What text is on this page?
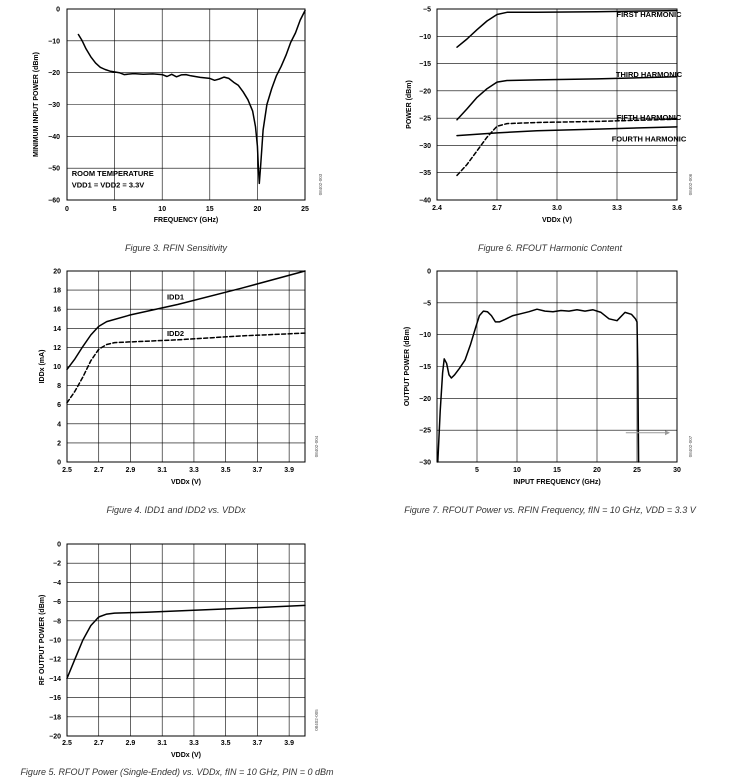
0
−10
−20
−30
−40
−50
−60
0	5	10	15	20	25
FREQUENCY (GHz)
MINIMUM INPUT POWER (dBm)
ROOM TEMPERATURE
VDD1 = VDD2 = 3.3V	08402-003
Figure 3. RFIN Sensitivity
−5
−10
−15
−20
−25
−30
−35
−40
2.4	2.7	3.0	3.3	3.6
VDDx (V)
POWER (dBm)
FIRST HARMONIC
THIRD HARMONIC
FIFTH HARMONIC
FOURTH HARMONIC
08402-006
Figure 6. RFOUT Harmonic Content
0
2
4
6
8
10
12
14
16
18
20
2.5	2.7	2.9	3.1	3.3	3.5	3.7	3.9
VDDx (V)
IDDx (mA)
IDD1
IDD2
08402-004
Figure 4. IDD1 and IDD2 vs. VDDx
0
−5
−10
−15
−20
−25
−30
5	10	15	20	25	30
INPUT FREQUENCY (GHz)
OUTPUT POWER (dBm)
08402-007
Figure 7. RFOUT Power vs. RFIN Frequency, fIN = 10 GHz, VDD = 3.3 V
0
−2
−4
−6
−8
−10
−12
−14
−16
−18
−20
2.5	2.7	2.9	3.1	3.3	3.5	3.7	3.9
VDDx (V)
RF OUTPUT POWER (dBm)
08402-005
Figure 5. RFOUT Power (Single-Ended) vs. VDDx, fIN = 10 GHz, PIN = 0 dBm
